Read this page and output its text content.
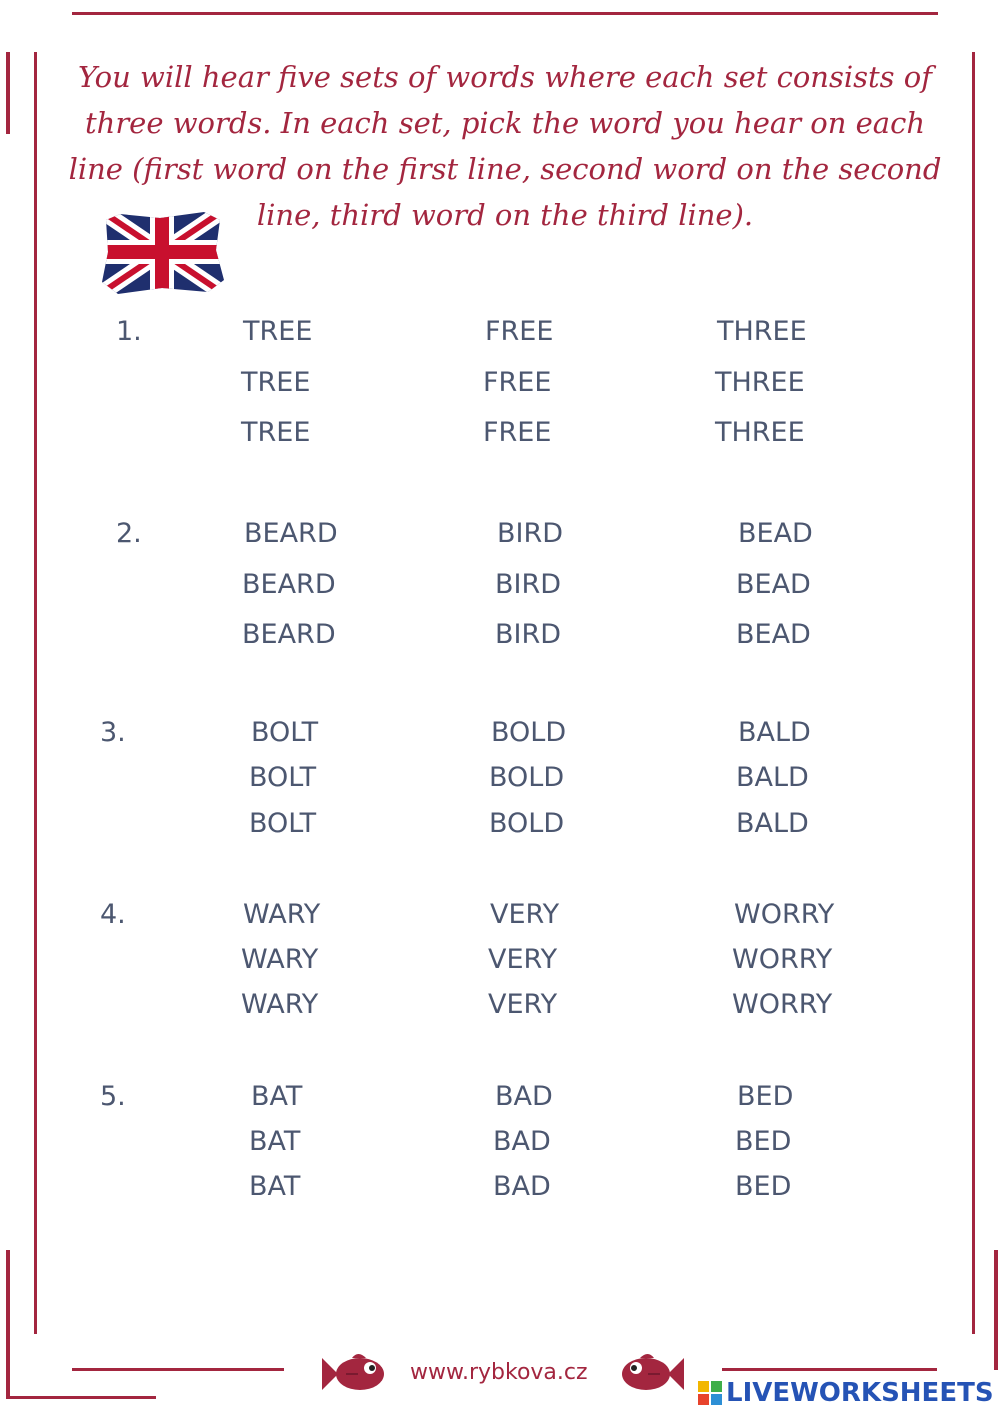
You will hear five sets of words where each set consists of three words. In each set, pick the word you hear on each line (first word on the first line, second word on the second line, third word on the third line).
1.	TREE	FREE	THREE
TREE	FREE	THREE
TREE	FREE	THREE
2.	BEARD	BIRD	BEAD
BEARD	BIRD	BEAD
BEARD	BIRD	BEAD
3.	BOLT	BOLD	BALD
BOLT	BOLD	BALD
BOLT	BOLD	BALD
4.	WARY	VERY	WORRY
WARY	VERY	WORRY
WARY	VERY	WORRY
5.	BAT	BAD	BED
BAT	BAD	BED
BAT	BAD	BED
www.rybkova.cz
LIVEWORKSHEETS
